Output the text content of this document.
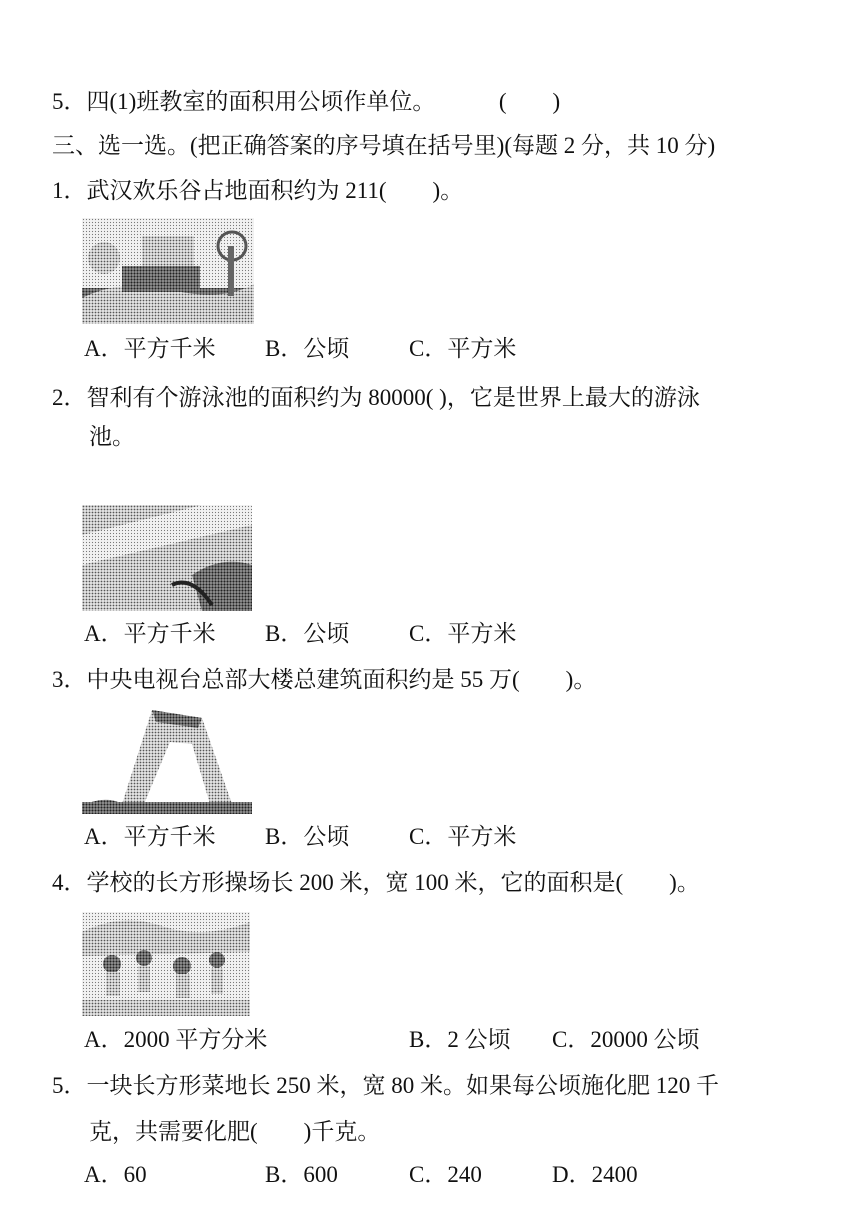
5．四(1)班教室的面积用公顷作单位。	(　　)
三、选一选。(把正确答案的序号填在括号里)(每题 2 分，共 10 分)
1．武汉欢乐谷占地面积约为 211(　　)。
A．平方千米 B．公顷	C．平方米
2．智利有个游泳池的面积约为 80000( )，它是世界上最大的游泳
池。
A．平方千米 B．公顷	C．平方米
3．中央电视台总部大楼总建筑面积约是 55 万(　　)。
A．平方千米 B．公顷	C．平方米
4．学校的长方形操场长 200 米，宽 100 米，它的面积是(　　)。
A．2000 平方分米	B．2 公顷 C．20000 公顷
5．一块长方形菜地长 250 米，宽 80 米。如果每公顷施化肥 120 千
克，共需要化肥(　　)千克。
A．60	B．600	C．240	D．2400
